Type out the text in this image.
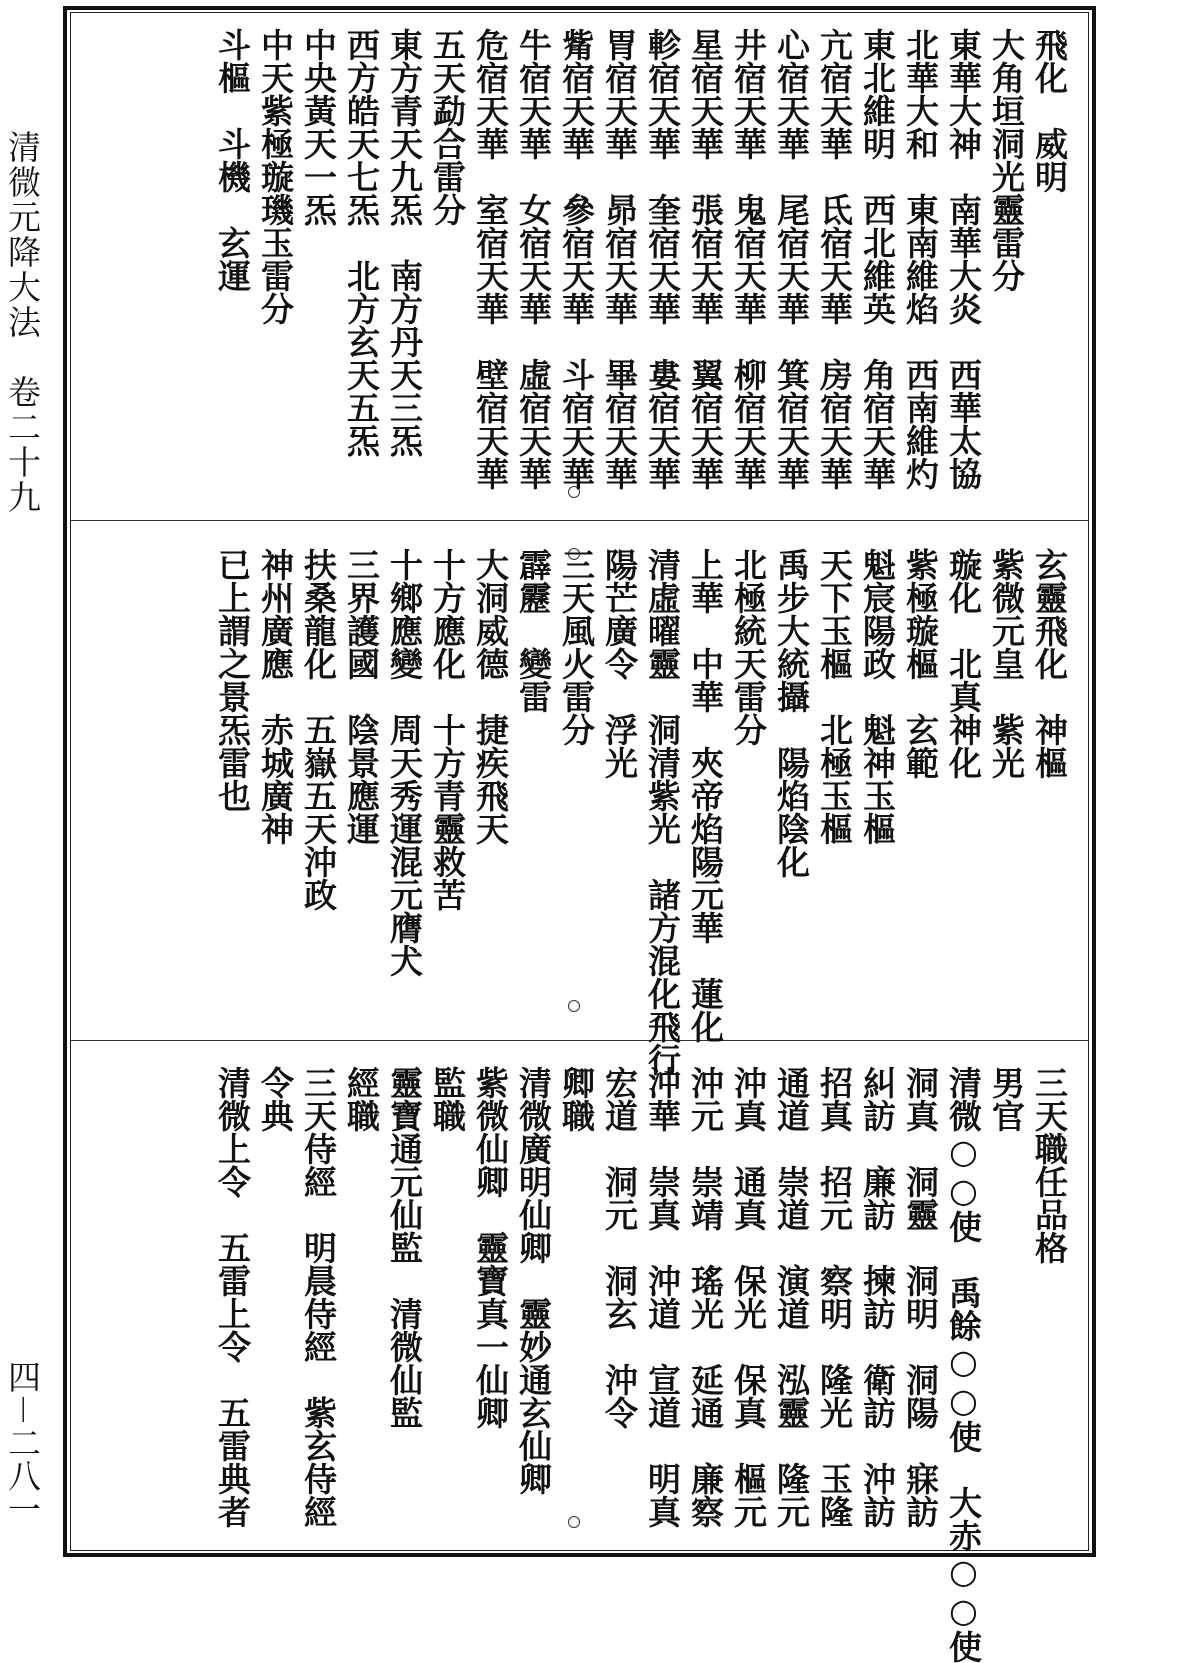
清微元降大法　卷二十九
四－二八一
飛化　威明
大角垣洞光靈雷分
東華大神　南華大炎　西華太協
北華大和　東南維焰　西南維灼
東北維明　西北維英　角宿天華
亢宿天華　氐宿天華　房宿天華
心宿天華　尾宿天華　箕宿天華
井宿天華　鬼宿天華　柳宿天華
星宿天華　張宿天華　翼宿天華
軫宿天華　奎宿天華　婁宿天華
胃宿天華　昴宿天華　畢宿天華
觜宿天華　參宿天華　斗宿天華
牛宿天華　女宿天華　虛宿天華
危宿天華　室宿天華　壁宿天華
五天勐合雷分
東方青天九炁　南方丹天三炁
西方皓天七炁　北方玄天五炁
中央黃天一炁
中天紫極璇璣玉雷分
斗樞　斗機　玄運
玄靈飛化　神樞
紫微元皇　紫光
璇化　北真神化
紫極璇樞　玄範
魁宸陽政　魁神玉樞
天下玉樞　北極玉樞
禹步大統攝　陽焰陰化
北極統天雷分
上華　中華　夾帝焰陽元華　蓮化
清虛曜靈　洞清紫光　諸方混化飛行
陽芒廣令　浮光
三天風火雷分
霹靂　變雷
大洞威德　捷疾飛天
十方應化　十方青靈救苦
十鄉應變　周天秀運混元膺犬
三界護國　陰景應運
扶桑龍化　五嶽五天沖政
神州廣應　赤城廣神
已上謂之景炁雷也
三天職任品格
男官
清微○○使　禹餘○○使　大赤○○使
洞真　洞靈　洞明　洞陽　寐訪
糾訪　廉訪　揀訪　衛訪　沖訪
招真　招元　察明　隆光　玉隆
通道　崇道　演道　泓靈　隆元
沖真　通真　保光　保真　樞元
沖元　崇靖　瑤光　延通　廉察
沖華　崇真　沖道　宣道　明真
宏道　洞元　洞玄　沖令
卿職
清微廣明仙卿　靈妙通玄仙卿
紫微仙卿　靈寶真一仙卿
監職
靈寶通元仙監　清微仙監
經職
三天侍經　明晨侍經　紫玄侍經
令典
清微上令　五雷上令　五雷典者
